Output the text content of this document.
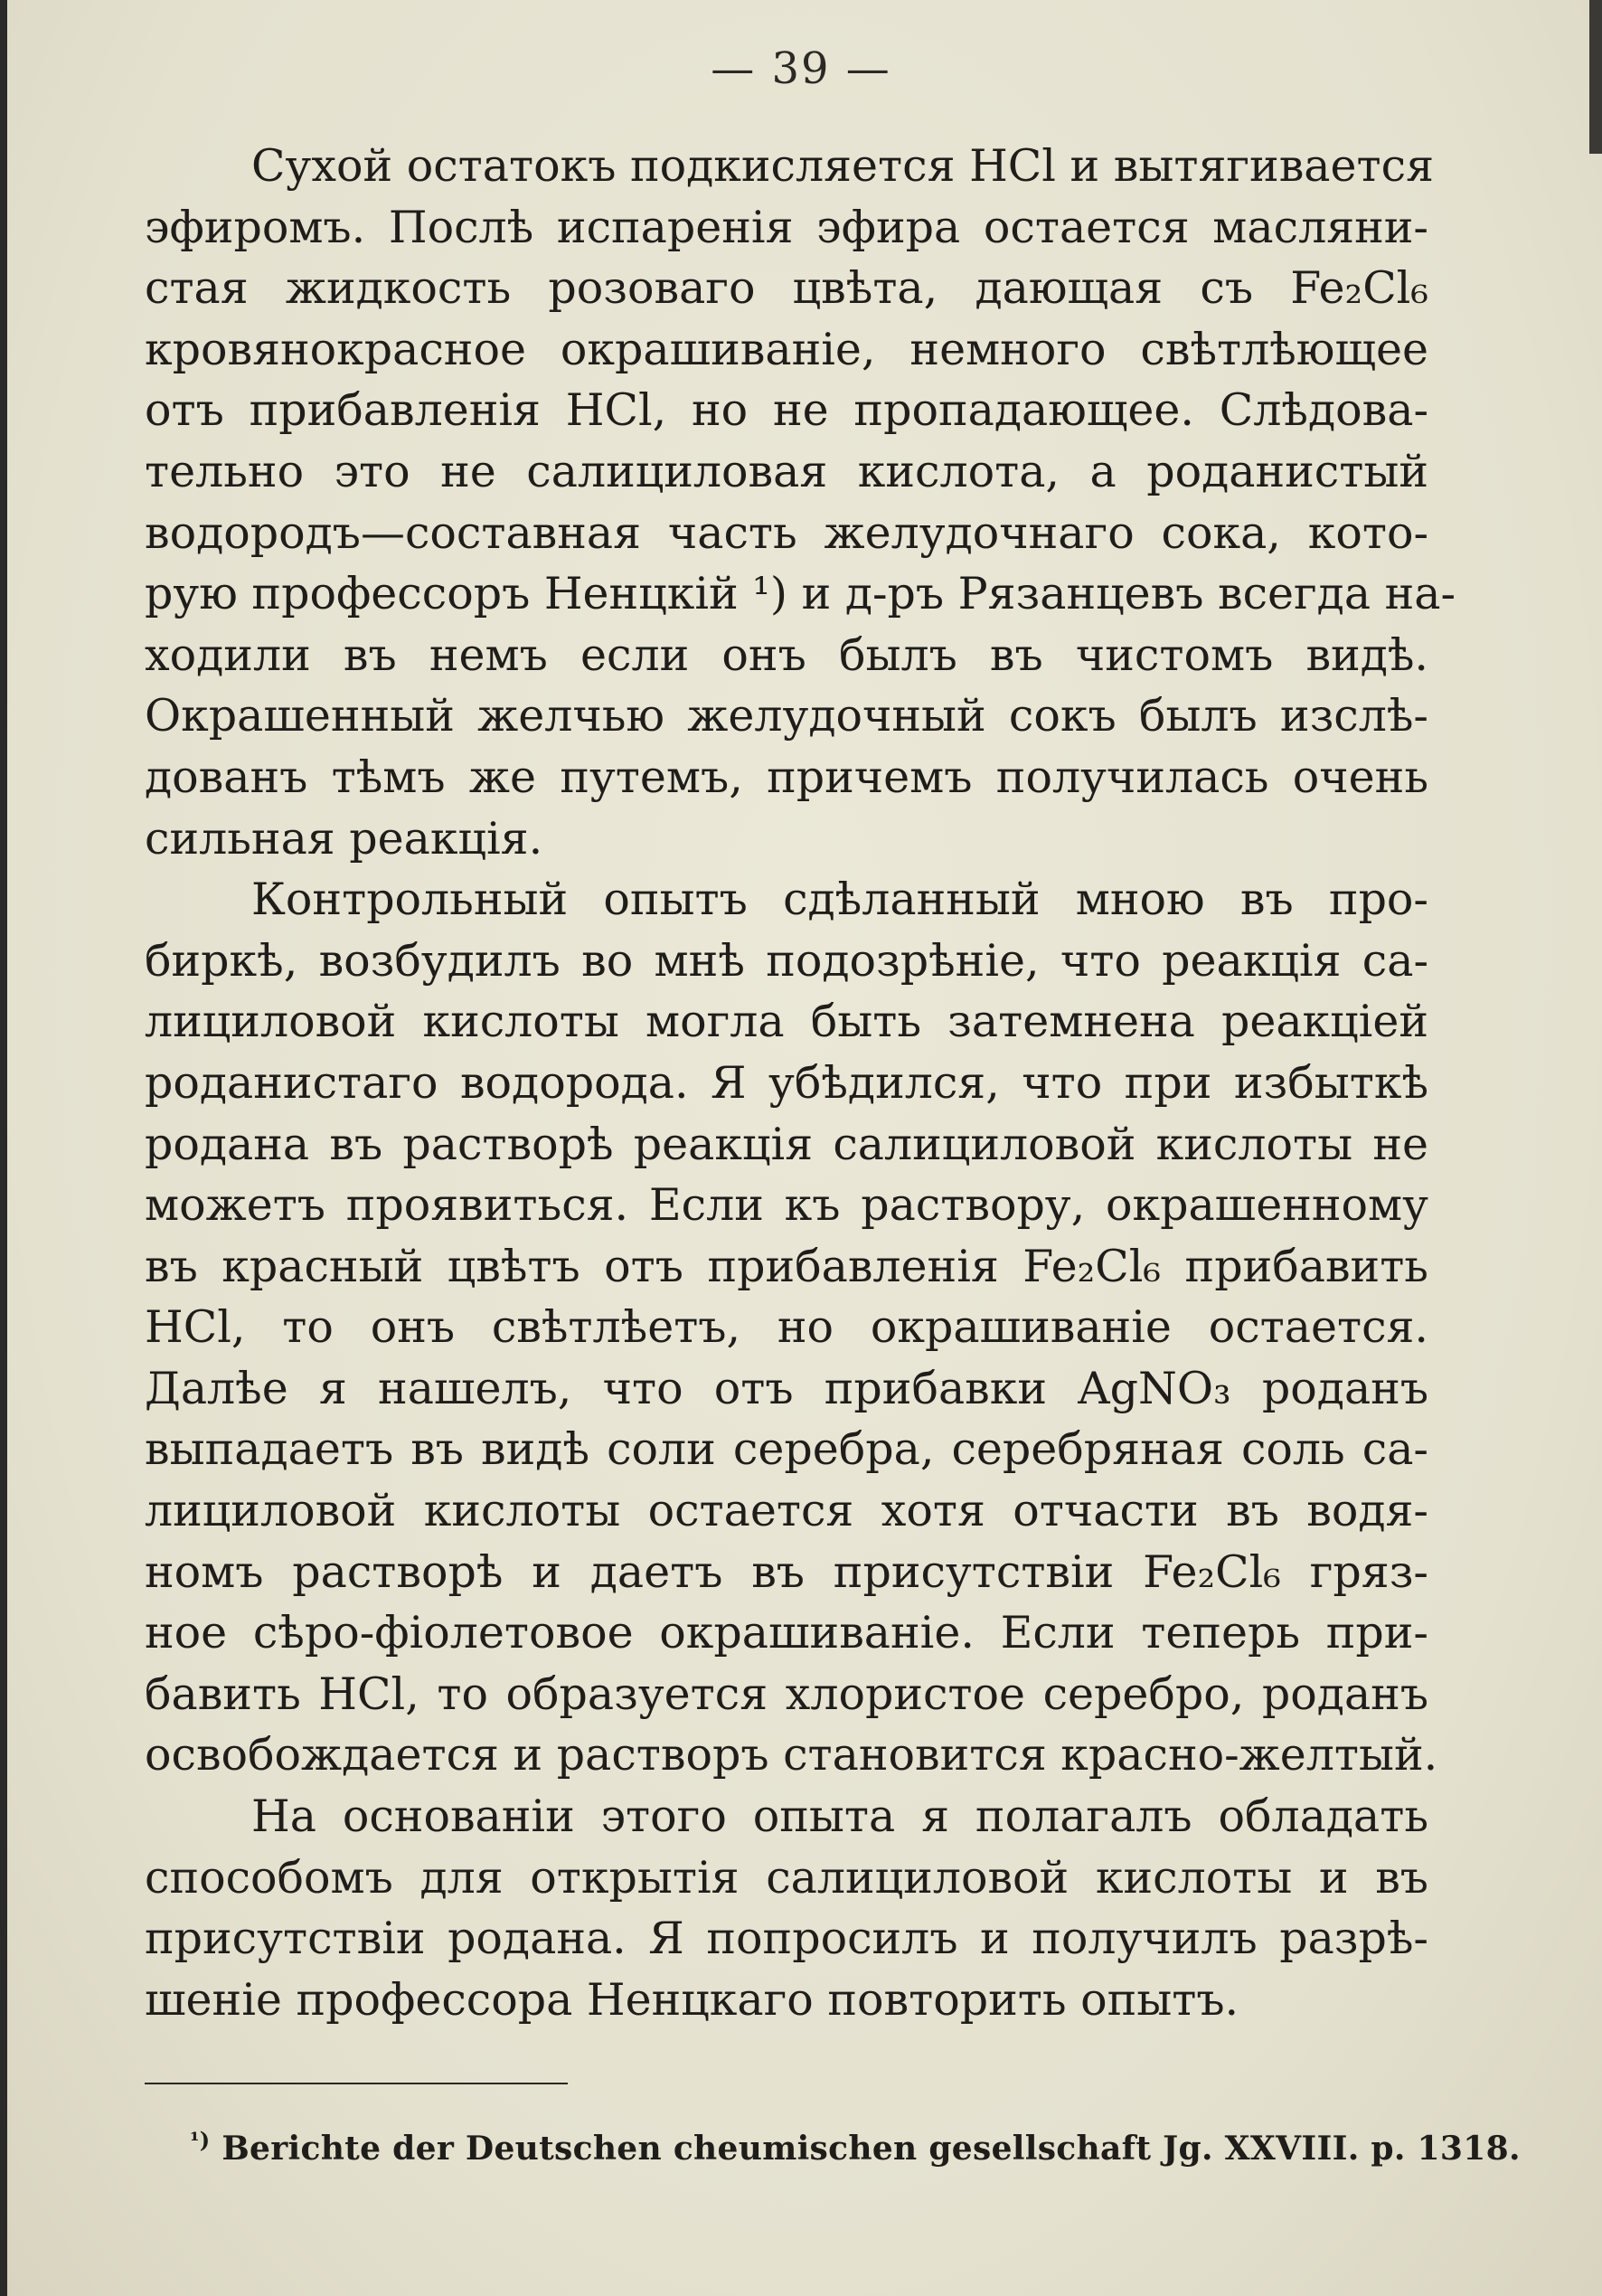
— 39 —
Сухой остатокъ подкисляется HCl и вытягивается
эфиромъ. Послѣ испаренія эфира остается масляни-
стая жидкость розоваго цвѣта, дающая съ Fe₂Cl₆
кровянокрасное окрашиваніе, немного свѣтлѣющее
отъ прибавленія HCl, но не пропадающее. Слѣдова-
тельно это не салициловая кислота, а роданистый
водородъ—составная часть желудочнаго сока, кото-
рую профессоръ Ненцкій ¹) и д-ръ Рязанцевъ всегда на-
ходили въ немъ если онъ былъ въ чистомъ видѣ.
Окрашенный желчью желудочный сокъ былъ изслѣ-
дованъ тѣмъ же путемъ, причемъ получилась очень
сильная реакція.
Контрольный опытъ сдѣланный мною въ про-
биркѣ, возбудилъ во мнѣ подозрѣніе, что реакція са-
лициловой кислоты могла быть затемнена реакціей
роданистаго водорода. Я убѣдился, что при избыткѣ
родана въ растворѣ реакція салициловой кислоты не
можетъ проявиться. Если къ раствору, окрашенному
въ красный цвѣтъ отъ прибавленія Fe₂Cl₆ прибавить
HCl, то онъ свѣтлѣетъ, но окрашиваніе остается.
Далѣе я нашелъ, что отъ прибавки AgNO₃ роданъ
выпадаетъ въ видѣ соли серебра, серебряная соль са-
лициловой кислоты остается хотя отчасти въ водя-
номъ растворѣ и даетъ въ присутствіи Fe₂Cl₆ гряз-
ное сѣро-фіолетовое окрашиваніе. Если теперь при-
бавить HCl, то образуется хлористое серебро, роданъ
освобождается и растворъ становится красно-желтый.
На основаніи этого опыта я полагалъ обладать
способомъ для открытія салициловой кислоты и въ
присутствіи родана. Я попросилъ и получилъ разрѣ-
шеніе профессора Ненцкаго повторить опытъ.
$^{^1)}$ Berichte der Deutschen cheumischen gesellschaft Jg. XXVIII. p. 1318.
